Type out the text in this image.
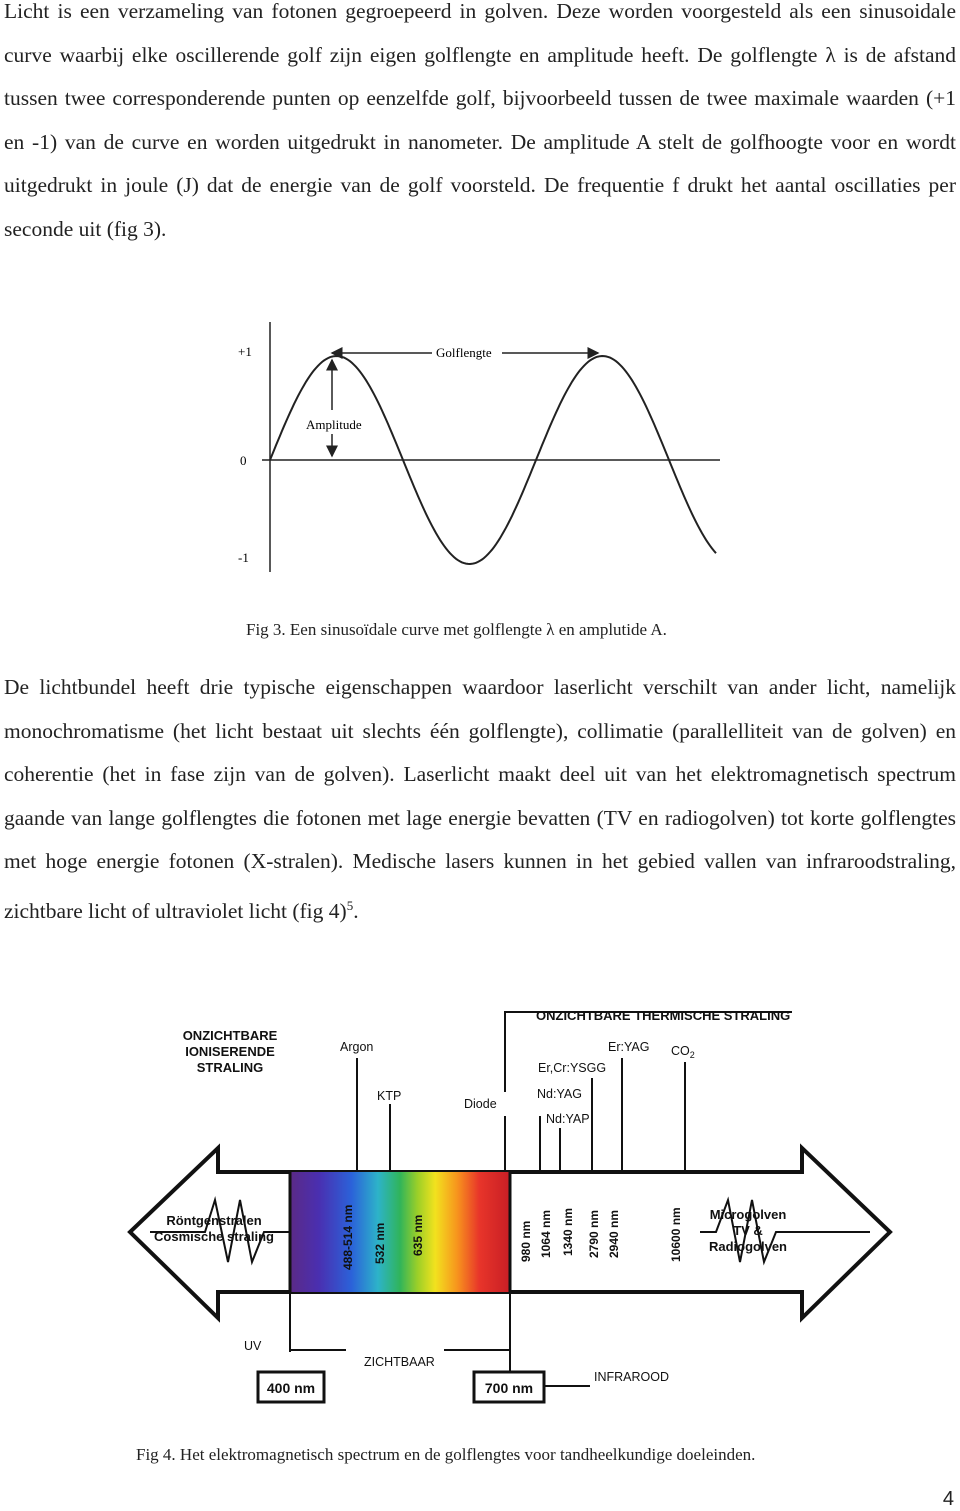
Licht is een verzameling van fotonen gegroepeerd in golven. Deze worden voorgesteld als een sinusoidale curve waarbij elke oscillerende golf zijn eigen golflengte en amplitude heeft. De golflengte λ is de afstand tussen twee corresponderende punten op eenzelfde golf, bijvoorbeeld tussen de twee maximale waarden (+1 en -1) van de curve en worden uitgedrukt in nanometer. De amplitude A stelt de golfhoogte voor en wordt uitgedrukt in joule (J) dat de energie van de golf voorsteld. De frequentie f drukt het aantal oscillaties per seconde uit (fig 3).
+1
0
-1
Golflengte
Amplitude
Fig 3. Een sinusoïdale curve met golflengte λ en amplutide A.
De lichtbundel heeft drie typische eigenschappen waardoor laserlicht verschilt van ander licht, namelijk monochromatisme (het licht bestaat uit slechts één golflengte), collimatie (parallelliteit van de golven) en coherentie (het in fase zijn van de golven). Laserlicht maakt deel uit van het elektromagnetisch spectrum gaande van lange golflengtes die fotonen met lage energie bevatten (TV en radiogolven) tot korte golflengtes met hoge energie fotonen (X-stralen). Medische lasers kunnen in het gebied vallen van infraroodstraling, zichtbare licht of ultraviolet licht (fig 4)$^5$.
ONZICHTBARE
IONISERENDE
STRALING
ONZICHTBARE THERMISCHE STRALING
Röntgenstralen
Cosmische straling
Microgolven
TV &
Radiogolven
400 nm	700 nm
Argon
KTP
Diode
Er:YAG $CO_2$
Er,Cr:YSGG
Nd:YAG
Nd:YAP
UV
ZICHTBAAR
INFRAROOD
488-514 nm 532 nm 635 nm	980 nm 1064 nm 1340 nm 2790 nm 2940 nm	10600 nm
Fig 4. Het elektromagnetisch spectrum en de golflengtes voor tandheelkundige doeleinden.
4
